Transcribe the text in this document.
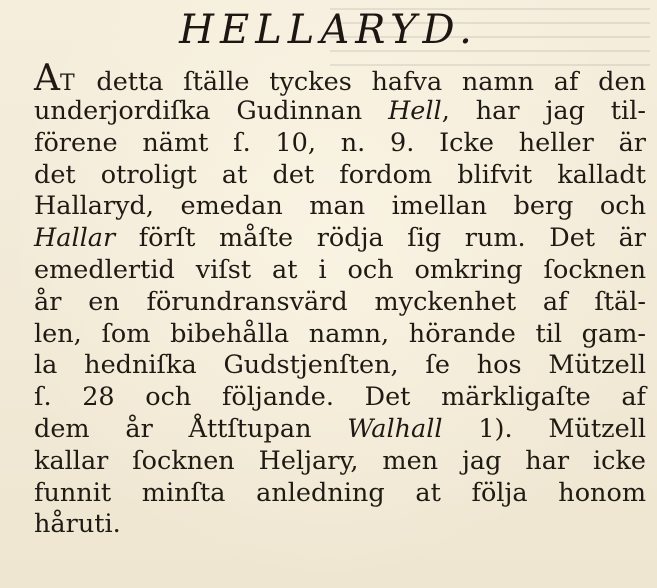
HELLARYD.
AT detta ſtälle tyckes hafva namn af den
underjordiſka Gudinnan Hell, har jag til-
förene nämt ſ. 10, n. 9. Icke heller är
det otroligt at det fordom blifvit kalladt
Hallaryd, emedan man imellan berg och
Hallar förſt måſte rödja ſig rum. Det är
emedlertid viſst at i och omkring ſocknen
år en förundransvärd myckenhet af ſtäl-
len, ſom bibehålla namn, hörande til gam-
la hedniſka Gudstjenſten, ſe hos Mützell
ſ. 28 och följande. Det märkligaſte af
dem år Åttſtupan Walhall 1). Mützell
kallar ſocknen Heljary, men jag har icke
funnit minſta anledning at följa honom
håruti.
